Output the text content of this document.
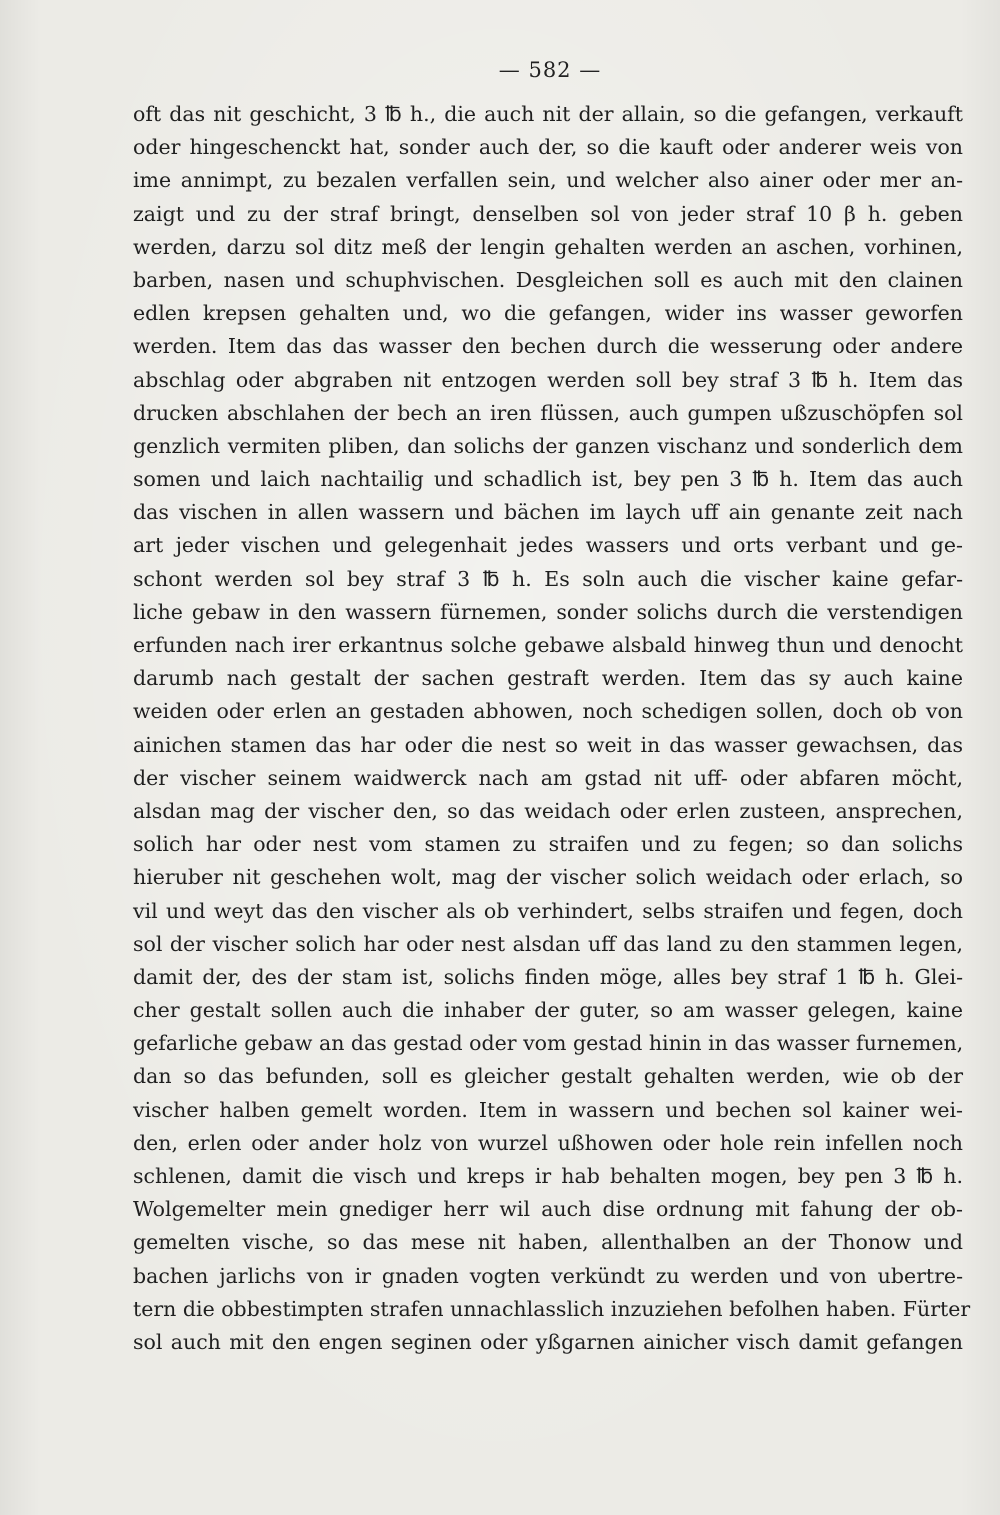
— 582 —
oft das nit geschicht, 3 ℔ h., die auch nit der allain, so die gefangen, verkauft
oder hingeschenckt hat, sonder auch der, so die kauft oder anderer weis von
ime annimpt, zu bezalen verfallen sein, und welcher also ainer oder mer an-
zaigt und zu der straf bringt, denselben sol von jeder straf 10 β h. geben
werden, darzu sol ditz meß der lengin gehalten werden an aschen, vorhinen,
barben, nasen und schuphvischen. Desgleichen soll es auch mit den clainen
edlen krepsen gehalten und, wo die gefangen, wider ins wasser geworfen
werden. Item das das wasser den bechen durch die wesserung oder andere
abschlag oder abgraben nit entzogen werden soll bey straf 3 ℔ h. Item das
drucken abschlahen der bech an iren flüssen, auch gumpen ußzuschöpfen sol
genzlich vermiten pliben, dan solichs der ganzen vischanz und sonderlich dem
somen und laich nachtailig und schadlich ist, bey pen 3 ℔ h. Item das auch
das vischen in allen wassern und bächen im laych uff ain genante zeit nach
art jeder vischen und gelegenhait jedes wassers und orts verbant und ge-
schont werden sol bey straf 3 ℔ h. Es soln auch die vischer kaine gefar-
liche gebaw in den wassern fürnemen, sonder solichs durch die verstendigen
erfunden nach irer erkantnus solche gebawe alsbald hinweg thun und denocht
darumb nach gestalt der sachen gestraft werden. Item das sy auch kaine
weiden oder erlen an gestaden abhowen, noch schedigen sollen, doch ob von
ainichen stamen das har oder die nest so weit in das wasser gewachsen, das
der vischer seinem waidwerck nach am gstad nit uff- oder abfaren möcht,
alsdan mag der vischer den, so das weidach oder erlen zusteen, ansprechen,
solich har oder nest vom stamen zu straifen und zu fegen; so dan solichs
hieruber nit geschehen wolt, mag der vischer solich weidach oder erlach, so
vil und weyt das den vischer als ob verhindert, selbs straifen und fegen, doch
sol der vischer solich har oder nest alsdan uff das land zu den stammen legen,
damit der, des der stam ist, solichs finden möge, alles bey straf 1 ℔ h. Glei-
cher gestalt sollen auch die inhaber der guter, so am wasser gelegen, kaine
gefarliche gebaw an das gestad oder vom gestad hinin in das wasser furnemen,
dan so das befunden, soll es gleicher gestalt gehalten werden, wie ob der
vischer halben gemelt worden. Item in wassern und bechen sol kainer wei-
den, erlen oder ander holz von wurzel ußhowen oder hole rein infellen noch
schlenen, damit die visch und kreps ir hab behalten mogen, bey pen 3 ℔ h.
Wolgemelter mein gnediger herr wil auch dise ordnung mit fahung der ob-
gemelten vische, so das mese nit haben, allenthalben an der Thonow und
bachen jarlichs von ir gnaden vogten verkündt zu werden und von ubertre-
tern die obbestimpten strafen unnachlasslich inzuziehen befolhen haben. Fürter
sol auch mit den engen seginen oder yßgarnen ainicher visch damit gefangen
